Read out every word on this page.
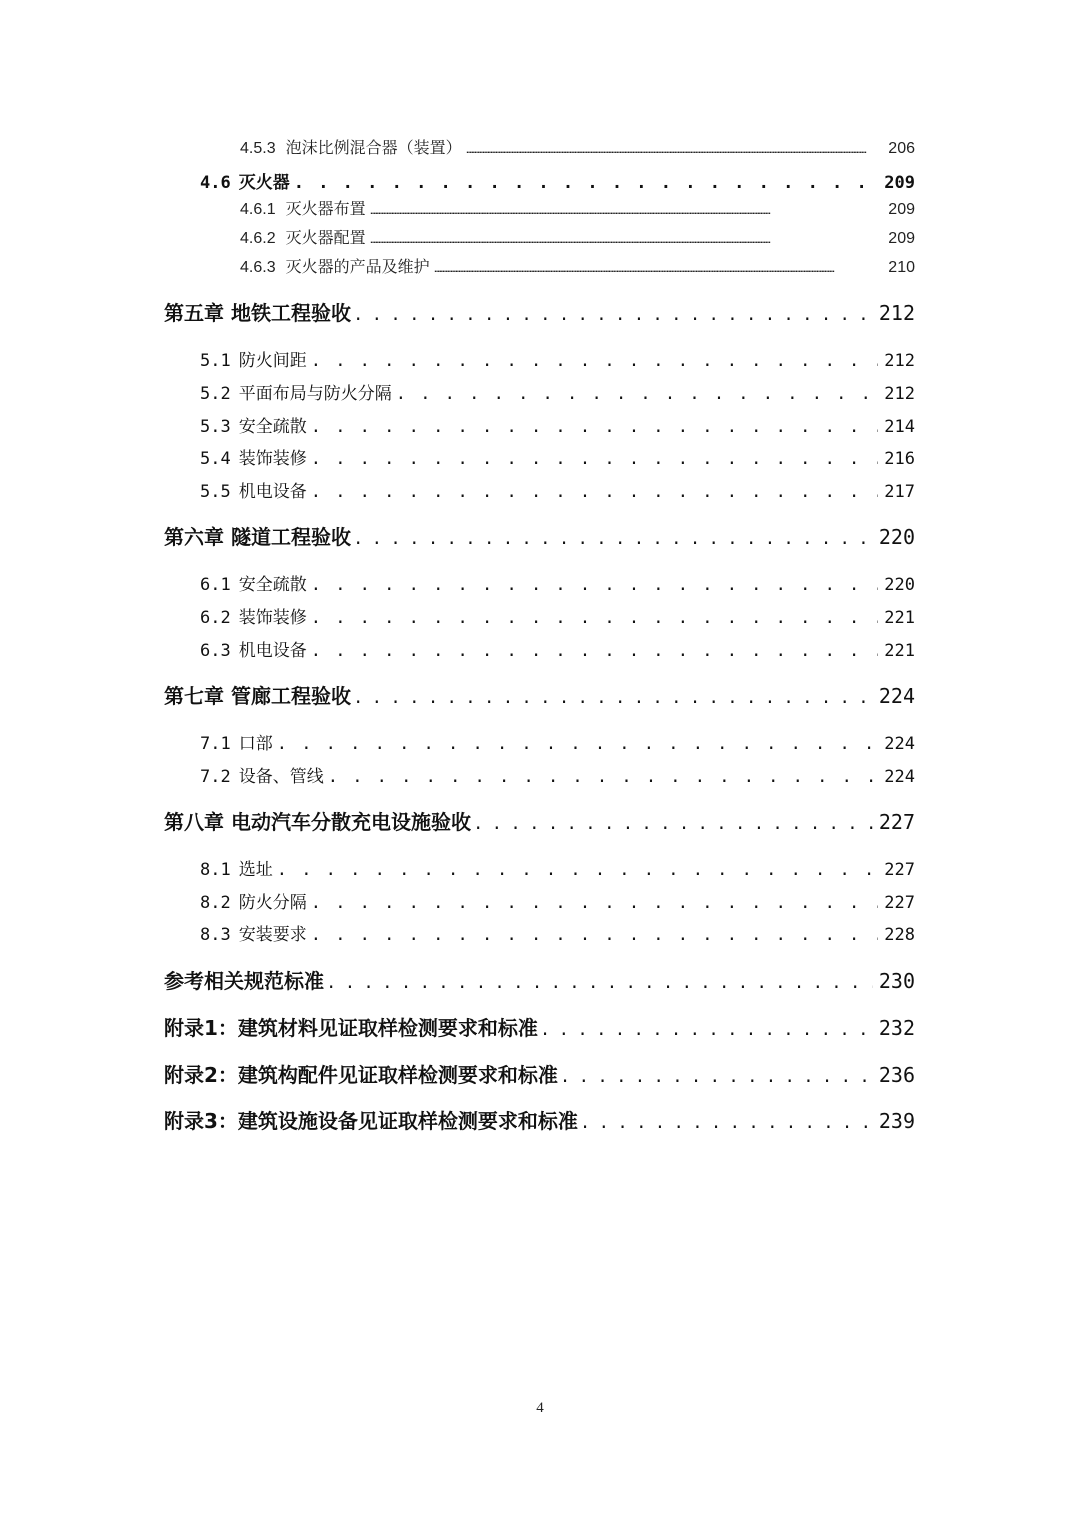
4.5.3 泡沫比例混合器（装置） .....	206
4.6 灭火器 . . .	209
4.6.1 灭火器布置 .....	209
4.6.2 灭火器配置 .....	209
4.6.3 灭火器的产品及维护 .....	210
第五章 地铁工程验收 . . .	212
5.1 防火间距 . . .	212
5.2 平面布局与防火分隔 . . .	212
5.3 安全疏散 . . .	214
5.4 装饰装修 . . .	216
5.5 机电设备 . . .	217
第六章 隧道工程验收 . . .	220
6.1 安全疏散 . . .	220
6.2 装饰装修 . . .	221
6.3 机电设备 . . .	221
第七章 管廊工程验收 . . .	224
7.1 口部 . . .	224
7.2 设备、管线 . . .	224
第八章 电动汽车分散充电设施验收 . . .	227
8.1 选址 . . .	227
8.2 防火分隔 . . .	227
8.3 安装要求 . . .	228
参考相关规范标准 . . .	230
附录1：建筑材料见证取样检测要求和标准 . . .	232
附录2：建筑构配件见证取样检测要求和标准 . . .	236
附录3：建筑设施设备见证取样检测要求和标准 . . .	239
4
